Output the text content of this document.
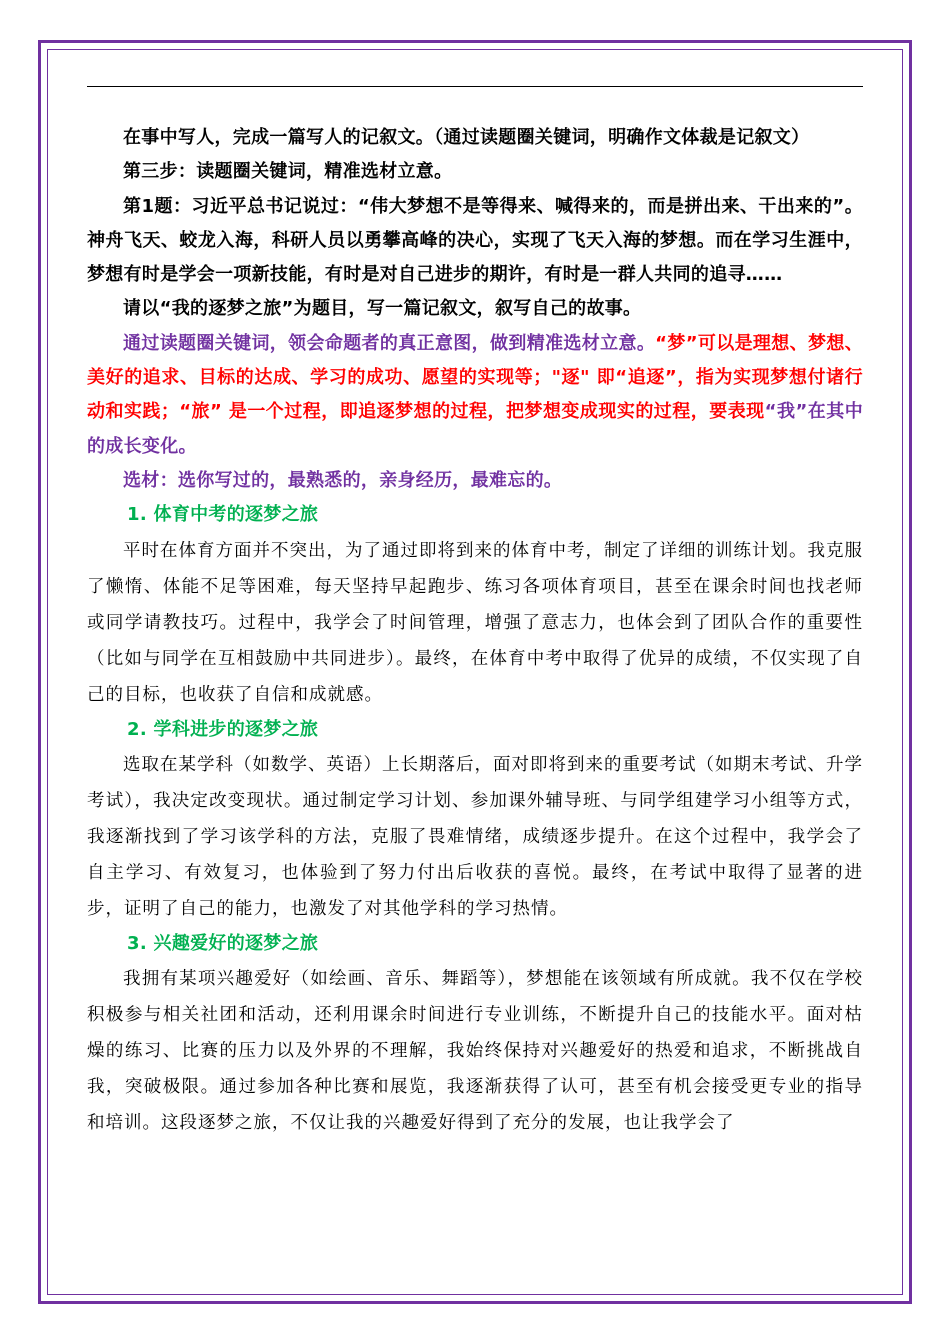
在事中写人，完成一篇写人的记叙文。（通过读题圈关键词，明确作文体裁是记叙文）

第三步：读题圈关键词，精准选材立意。

第1题：习近平总书记说过：“伟大梦想不是等得来、喊得来的，而是拼出来、干出来的”。神舟飞天、蛟龙入海，科研人员以勇攀高峰的决心，实现了飞天入海的梦想。而在学习生涯中，梦想有时是学会一项新技能，有时是对自己进步的期许，有时是一群人共同的追寻……

请以“我的逐梦之旅”为题目，写一篇记叙文，叙写自己的故事。

通过读题圈关键词，领会命题者的真正意图，做到精准选材立意。“梦”可以是理想、梦想、美好的追求、目标的达成、学习的成功、愿望的实现等；"逐" 即“追逐”，指为实现梦想付诸行动和实践；“旅” 是一个过程，即追逐梦想的过程，把梦想变成现实的过程，要表现“我”在其中的成长变化。

选材：选你写过的，最熟悉的，亲身经历，最难忘的。

1. 体育中考的逐梦之旅

平时在体育方面并不突出，为了通过即将到来的体育中考，制定了详细的训练计划。我克服了懒惰、体能不足等困难，每天坚持早起跑步、练习各项体育项目，甚至在课余时间也找老师或同学请教技巧。过程中，我学会了时间管理，增强了意志力，也体会到了团队合作的重要性（比如与同学在互相鼓励中共同进步）。最终，在体育中考中取得了优异的成绩，不仅实现了自己的目标，也收获了自信和成就感。

2. 学科进步的逐梦之旅

选取在某学科（如数学、英语）上长期落后，面对即将到来的重要考试（如期末考试、升学考试），我决定改变现状。通过制定学习计划、参加课外辅导班、与同学组建学习小组等方式，我逐渐找到了学习该学科的方法，克服了畏难情绪，成绩逐步提升。在这个过程中，我学会了自主学习、有效复习，也体验到了努力付出后收获的喜悦。最终，在考试中取得了显著的进步，证明了自己的能力，也激发了对其他学科的学习热情。

3. 兴趣爱好的逐梦之旅

我拥有某项兴趣爱好（如绘画、音乐、舞蹈等），梦想能在该领域有所成就。我不仅在学校积极参与相关社团和活动，还利用课余时间进行专业训练，不断提升自己的技能水平。面对枯燥的练习、比赛的压力以及外界的不理解，我始终保持对兴趣爱好的热爱和追求，不断挑战自我，突破极限。通过参加各种比赛和展览，我逐渐获得了认可，甚至有机会接受更专业的指导和培训。这段逐梦之旅，不仅让我的兴趣爱好得到了充分的发展，也让我学会了
